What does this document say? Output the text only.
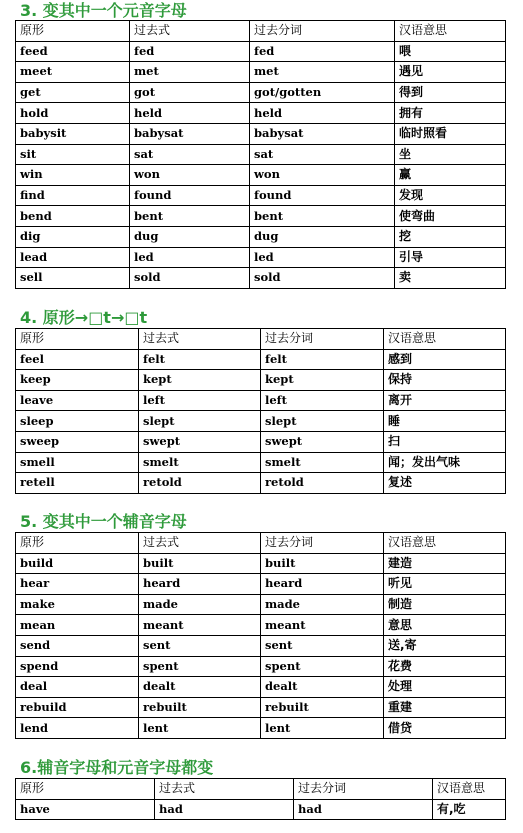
3. 变其中一个元音字母
原形	过去式	过去分词	汉语意思
feed	fed	fed	喂
meet	met	met	遇见
get	got	got/gotten	得到
hold	held	held	拥有
babysit	babysat	babysat	临时照看
sit	sat	sat	坐
win	won	won	赢
find	found	found	发现
bend	bent	bent	使弯曲
dig	dug	dug	挖
lead	led	led	引导
sell	sold	sold	卖
4. 原形→□t→□t
原形	过去式	过去分词	汉语意思
feel	felt	felt	感到
keep	kept	kept	保持
leave	left	left	离开
sleep	slept	slept	睡
sweep	swept	swept	扫
smell	smelt	smelt	闻；发出气味
retell	retold	retold	复述
5. 变其中一个辅音字母
原形	过去式	过去分词	汉语意思
build	built	built	建造
hear	heard	heard	听见
make	made	made	制造
mean	meant	meant	意思
send	sent	sent	送,寄
spend	spent	spent	花费
deal	dealt	dealt	处理
rebuild	rebuilt	rebuilt	重建
lend	lent	lent	借贷
6.辅音字母和元音字母都变
原形	过去式	过去分词	汉语意思
have	had	had	有,吃
